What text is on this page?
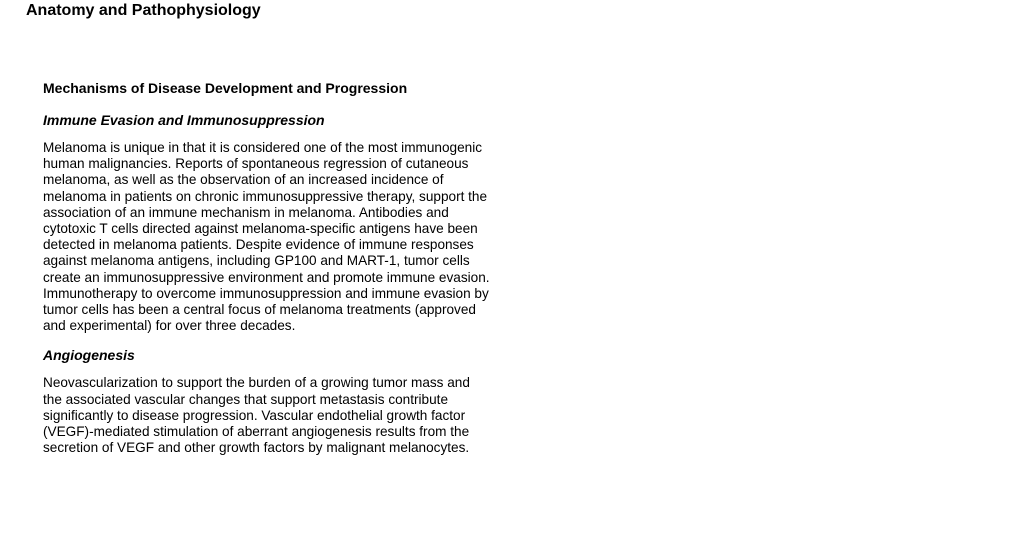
Anatomy and Pathophysiology
Mechanisms of Disease Development and Progression
Immune Evasion and Immunosuppression

Melanoma is unique in that it is considered one of the most immunogenic
human malignancies. Reports of spontaneous regression of cutaneous
melanoma, as well as the observation of an increased incidence of
melanoma in patients on chronic immunosuppressive therapy, support the
association of an immune mechanism in melanoma. Antibodies and
cytotoxic T cells directed against melanoma-specific antigens have been
detected in melanoma patients. Despite evidence of immune responses
against melanoma antigens, including GP100 and MART-1, tumor cells
create an immunosuppressive environment and promote immune evasion.
Immunotherapy to overcome immunosuppression and immune evasion by
tumor cells has been a central focus of melanoma treatments (approved
and experimental) for over three decades.

Angiogenesis

Neovascularization to support the burden of a growing tumor mass and
the associated vascular changes that support metastasis contribute
significantly to disease progression. Vascular endothelial growth factor
(VEGF)-mediated stimulation of aberrant angiogenesis results from the
secretion of VEGF and other growth factors by malignant melanocytes.
